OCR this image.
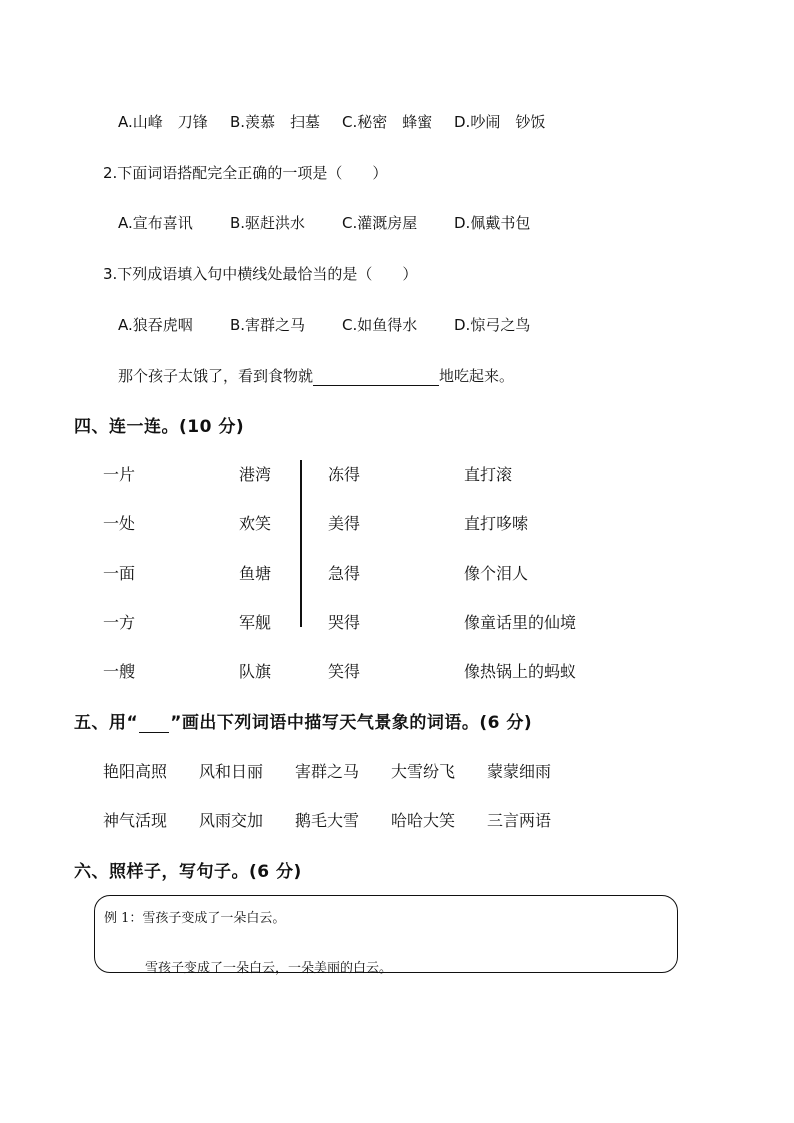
A.山峰　刀锋 B.羡慕　扫墓 C.秘密　蜂蜜 D.吵闹　钞饭
2.下面词语搭配完全正确的一项是（　　）
A.宣布喜讯 B.驱赶洪水 C.灌溉房屋 D.佩戴书包
3.下列成语填入句中横线处最恰当的是（　　）
A.狼吞虎咽 B.害群之马 C.如鱼得水 D.惊弓之鸟
那个孩子太饿了，看到食物就	地吃起来。
四、连一连。(10 分)
一片
一处
一面
一方
一艘
港湾
欢笑
鱼塘
军舰
队旗
冻得
美得
急得
哭得
笑得
直打滚
直打哆嗦
像个泪人
像童话里的仙境
像热锅上的蚂蚁
五、用“ ”画出下列词语中描写天气景象的词语。(6 分)
艳阳高照 风和日丽 害群之马 大雪纷飞 蒙蒙细雨
神气活现 风雨交加 鹅毛大雪 哈哈大笑 三言两语
六、照样子，写句子。(6 分)
例 1：雪孩子变成了一朵白云。
雪孩子变成了一朵白云，一朵美丽的白云。
